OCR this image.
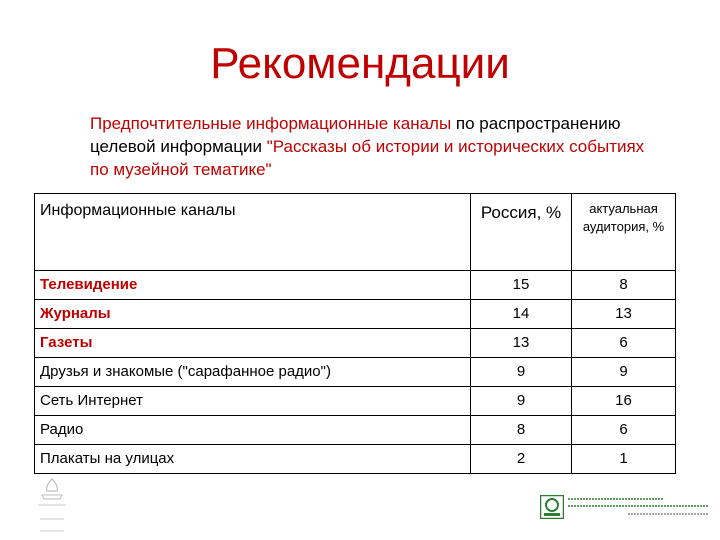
Рекомендации
Предпочтительные информационные каналы по распространению целевой информации "Рассказы об истории и исторических событиях по музейной тематике"
Информационные каналы	Россия, %	актуальная аудитория, %
Телевидение	15	8
Журналы	14	13
Газеты	13	6
Друзья и знакомые ("сарафанное радио")	9	9
Сеть Интернет	9	16
Радио	8	6
Плакаты на улицах	2	1
